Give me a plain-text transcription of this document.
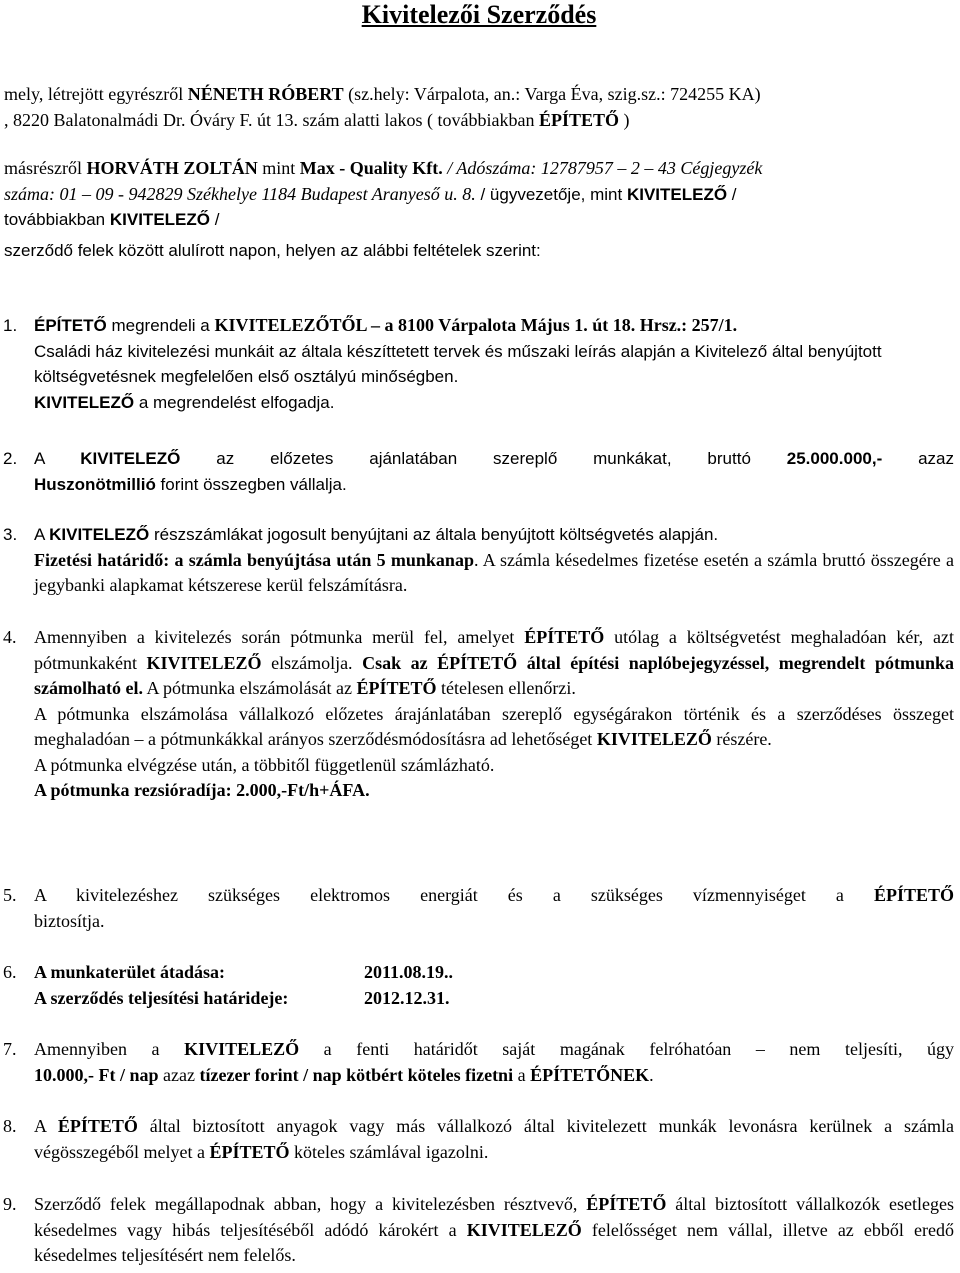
Kivitelezői Szerződés

mely, létrejött egyrészről NÉNETH RÓBERT (sz.hely: Várpalota, an.: Varga Éva, szig.sz.: 724255 KA)

, 8220 Balatonalmádi Dr. Óváry F. út 13. szám alatti lakos ( továbbiakban ÉPÍTETŐ )

másrészről HORVÁTH ZOLTÁN mint Max - Quality Kft. / Adószáma: 12787957 – 2 – 43 Cégjegyzék

száma: 01 – 09 - 942829 Székhelye 1184 Budapest Aranyeső u. 8. / ügyvezetője, mint KIVITELEZŐ /

továbbiakban KIVITELEZŐ /

szerződő felek között alulírott napon, helyen az alábbi feltételek szerint:

1. ÉPÍTETŐ megrendeli a KIVITELEZŐTŐL – a 8100 Várpalota Május 1. út 18. Hrsz.: 257/1.

Családi ház kivitelezési munkáit az általa készíttetett tervek és műszaki leírás alapján a Kivitelező által benyújtott költségvetésnek megfelelően első osztályú minőségben.

KIVITELEZŐ a megrendelést elfogadja.

2. A KIVITELEZŐ az előzetes ajánlatában szereplő munkákat, bruttó 25.000.000,- azaz

Huszonötmillió forint összegben vállalja.

3. A KIVITELEZŐ részszámlákat jogosult benyújtani az általa benyújtott költségvetés alapján.

Fizetési határidő: a számla benyújtása után 5 munkanap. A számla késedelmes fizetése esetén a számla bruttó összegére a jegybanki alapkamat kétszerese kerül felszámításra.

4. Amennyiben a kivitelezés során pótmunka merül fel, amelyet ÉPÍTETŐ utólag a költségvetést meghaladóan kér, azt pótmunkaként KIVITELEZŐ elszámolja. Csak az ÉPÍTETŐ által építési naplóbejegyzéssel, megrendelt pótmunka számolható el. A pótmunka elszámolását az ÉPÍTETŐ tételesen ellenőrzi.

A pótmunka elszámolása vállalkozó előzetes árajánlatában szereplő egységárakon történik és a szerződéses összeget meghaladóan – a pótmunkákkal arányos szerződésmódosításra ad lehetőséget KIVITELEZŐ részére.

A pótmunka elvégzése után, a többitől függetlenül számlázható.

A pótmunka rezsióradíja: 2.000,-Ft/h+ÁFA.

5. A kivitelezéshez szükséges elektromos energiát és a szükséges vízmennyiséget a ÉPÍTETŐ

biztosítja.

6. A munkaterület átadása:	2011.08.19..
A szerződés teljesítési határideje:	2012.12.31.
7. Amennyiben a KIVITELEZŐ a fenti határidőt saját magának felróhatóan – nem teljesíti, úgy

10.000,- Ft / nap azaz tízezer forint / nap kötbért köteles fizetni a ÉPÍTETŐNEK.

8. A ÉPÍTETŐ által biztosított anyagok vagy más vállalkozó által kivitelezett munkák levonásra kerülnek a számla végösszegéből melyet a ÉPÍTETŐ köteles számlával igazolni.

9. Szerződő felek megállapodnak abban, hogy a kivitelezésben résztvevő, ÉPÍTETŐ által biztosított vállalkozók esetleges késedelmes vagy hibás teljesítéséből adódó károkért a KIVITELEZŐ felelősséget nem vállal, illetve az ebből eredő késedelmes teljesítésért nem felelős.
